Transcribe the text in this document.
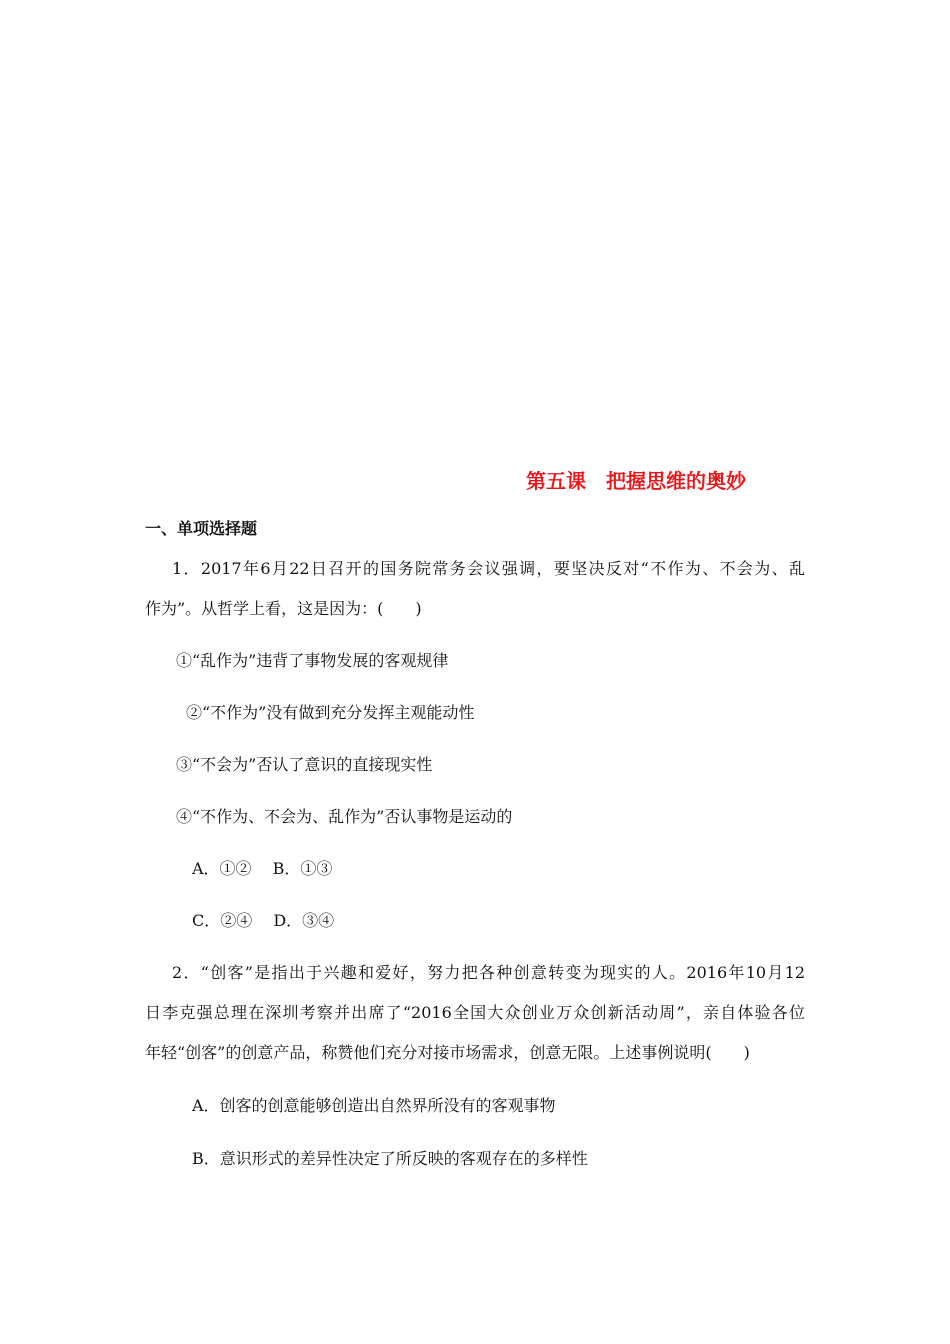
第五课　把握思维的奥妙
一、单项选择题
1．2017年6月22日召开的国务院常务会议强调，要坚决反对“不作为、不会为、乱
作为”。从哲学上看，这是因为：(　　)
①“乱作为”违背了事物发展的客观规律
②“不作为”没有做到充分发挥主观能动性
③“不会为”否认了意识的直接现实性
④“不作为、不会为、乱作为”否认事物是运动的
A．①②　 B．①③
C．②④　 D．③④
2．“创客”是指出于兴趣和爱好，努力把各种创意转变为现实的人。2016年10月12
日李克强总理在深圳考察并出席了“2016全国大众创业万众创新活动周”，亲自体验各位
年轻“创客”的创意产品，称赞他们充分对接市场需求，创意无限。上述事例说明(　　)
A．创客的创意能够创造出自然界所没有的客观事物
B．意识形式的差异性决定了所反映的客观存在的多样性
